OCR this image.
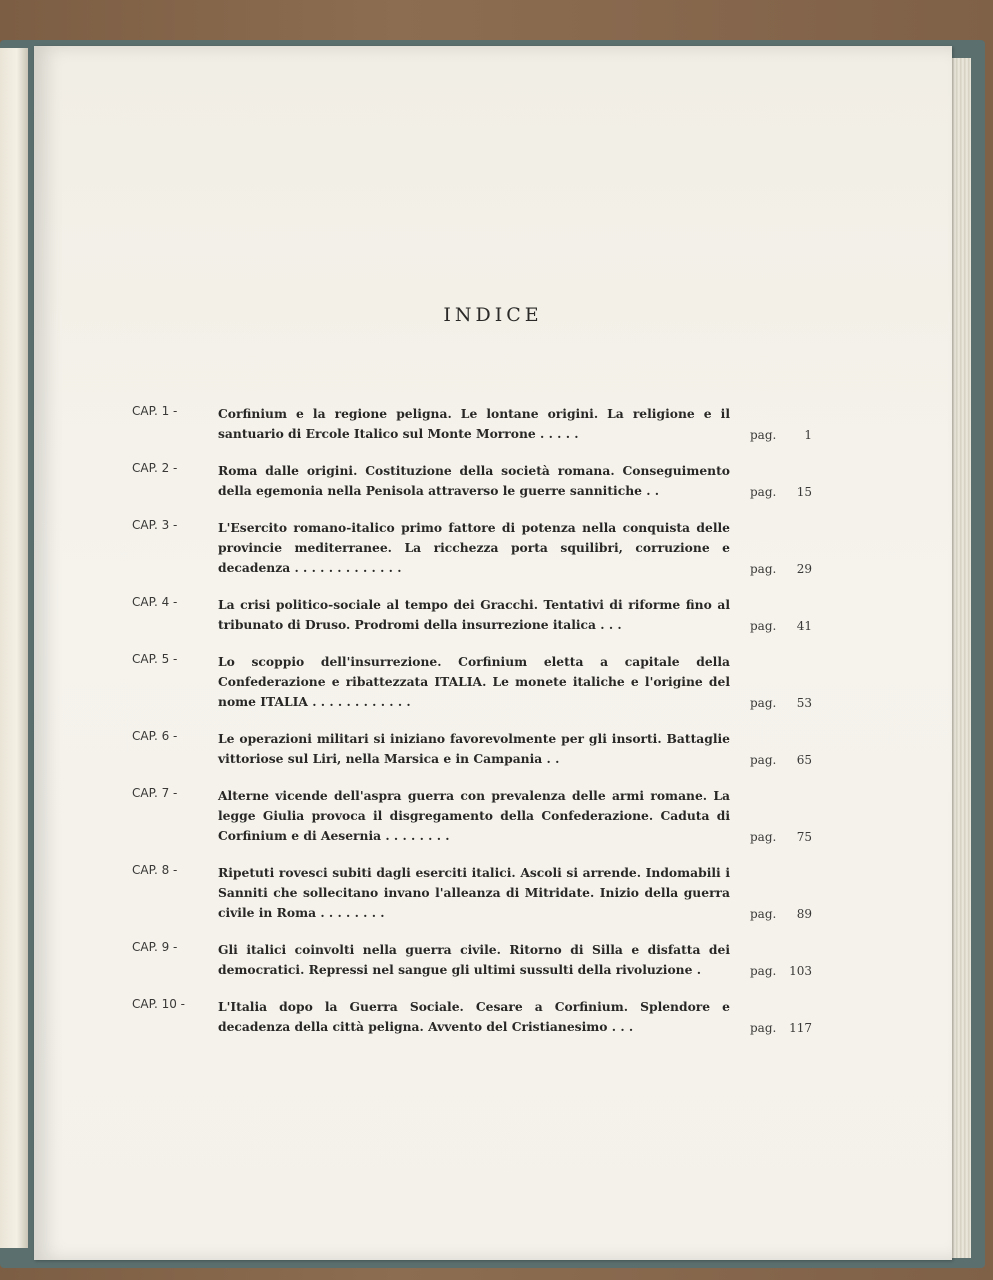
INDICE
CAP. 1 -	Corfinium e la regione peligna. Le lontane origini. La religione e il santuario di Ercole Italico sul Monte Morrone . . . . .	pag.	1
CAP. 2 -	Roma dalle origini. Costituzione della società romana. Conseguimento della egemonia nella Penisola attraverso le guerre sannitiche . .	pag.	15
CAP. 3 -	L'Esercito romano-italico primo fattore di potenza nella conquista delle provincie mediterranee. La ricchezza porta squilibri, corruzione e decadenza . . . . . . . . . . . . .	pag.	29
CAP. 4 -	La crisi politico-sociale al tempo dei Gracchi. Tentativi di riforme fino al tribunato di Druso. Prodromi della insurrezione italica . . .	pag.	41
CAP. 5 -	Lo scoppio dell'insurrezione. Corfinium eletta a capitale della Confederazione e ribattezzata ITALIA. Le monete italiche e l'origine del nome ITALIA . . . . . . . . . . . .	pag.	53
CAP. 6 -	Le operazioni militari si iniziano favorevolmente per gli insorti. Battaglie vittoriose sul Liri, nella Marsica e in Campania . .	pag.	65
CAP. 7 -	Alterne vicende dell'aspra guerra con prevalenza delle armi romane. La legge Giulia provoca il disgregamento della Confederazione. Caduta di Corfinium e di Aesernia . . . . . . . .	pag.	75
CAP. 8 -	Ripetuti rovesci subiti dagli eserciti italici. Ascoli si arrende. Indomabili i Sanniti che sollecitano invano l'alleanza di Mitridate. Inizio della guerra civile in Roma . . . . . . . .	pag.	89
CAP. 9 -	Gli italici coinvolti nella guerra civile. Ritorno di Silla e disfatta dei democratici. Repressi nel sangue gli ultimi sussulti della rivoluzione .	pag.	103
CAP. 10 -	L'Italia dopo la Guerra Sociale. Cesare a Corfinium. Splendore e decadenza della città peligna. Avvento del Cristianesimo . . .	pag.	117
